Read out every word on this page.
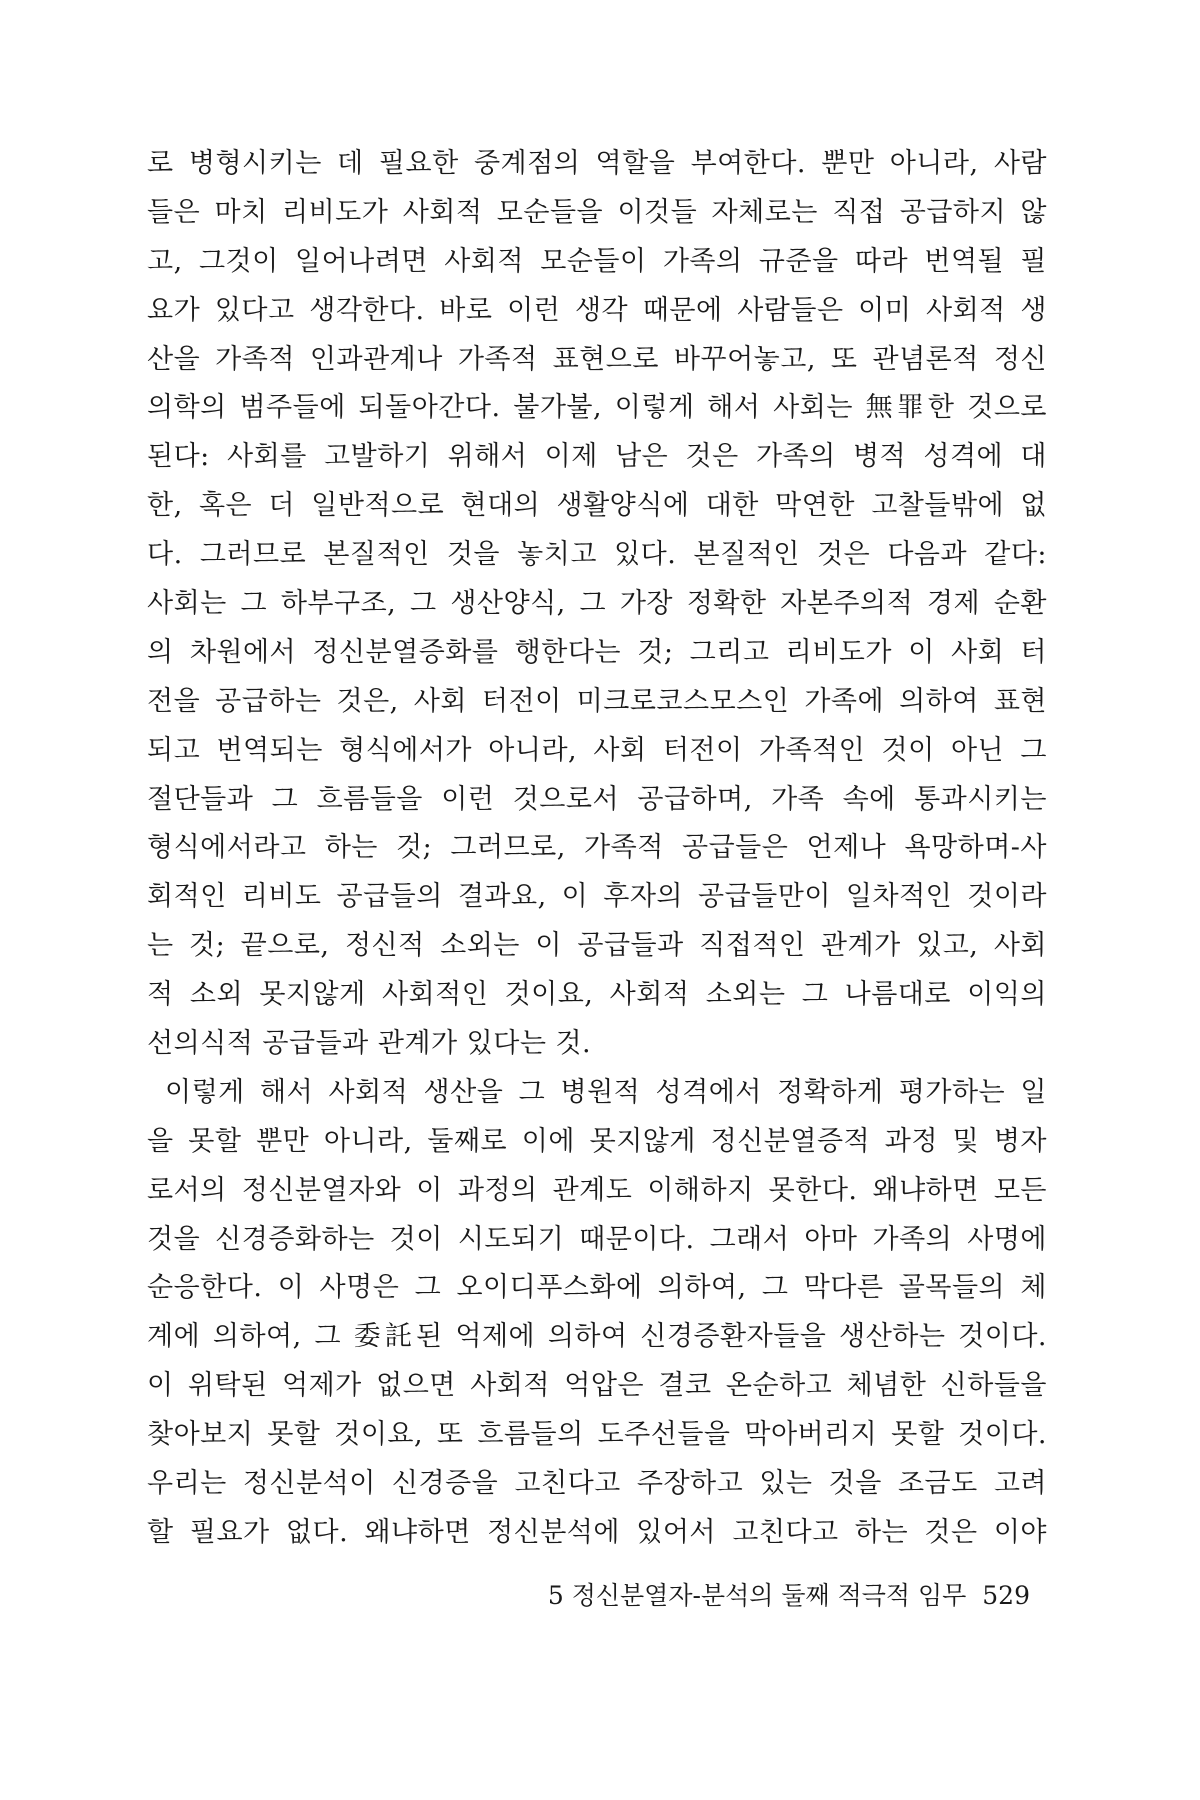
로 병형시키는 데 필요한 중계점의 역할을 부여한다. 뿐만 아니라, 사람
들은 마치 리비도가 사회적 모순들을 이것들 자체로는 직접 공급하지 않
고, 그것이 일어나려면 사회적 모순들이 가족의 규준을 따라 번역될 필
요가 있다고 생각한다. 바로 이런 생각 때문에 사람들은 이미 사회적 생
산을 가족적 인과관계나 가족적 표현으로 바꾸어놓고, 또 관념론적 정신
의학의 범주들에 되돌아간다. 불가불, 이렇게 해서 사회는 無罪한 것으로
된다: 사회를 고발하기 위해서 이제 남은 것은 가족의 병적 성격에 대
한, 혹은 더 일반적으로 현대의 생활양식에 대한 막연한 고찰들밖에 없
다. 그러므로 본질적인 것을 놓치고 있다. 본질적인 것은 다음과 같다:
사회는 그 하부구조, 그 생산양식, 그 가장 정확한 자본주의적 경제 순환
의 차원에서 정신분열증화를 행한다는 것; 그리고 리비도가 이 사회 터
전을 공급하는 것은, 사회 터전이 미크로코스모스인 가족에 의하여 표현
되고 번역되는 형식에서가 아니라, 사회 터전이 가족적인 것이 아닌 그
절단들과 그 흐름들을 이런 것으로서 공급하며, 가족 속에 통과시키는
형식에서라고 하는 것; 그러므로, 가족적 공급들은 언제나 욕망하며-사
회적인 리비도 공급들의 결과요, 이 후자의 공급들만이 일차적인 것이라
는 것; 끝으로, 정신적 소외는 이 공급들과 직접적인 관계가 있고, 사회
적 소외 못지않게 사회적인 것이요, 사회적 소외는 그 나름대로 이익의
선의식적 공급들과 관계가 있다는 것.
이렇게 해서 사회적 생산을 그 병원적 성격에서 정확하게 평가하는 일
을 못할 뿐만 아니라, 둘째로 이에 못지않게 정신분열증적 과정 및 병자
로서의 정신분열자와 이 과정의 관계도 이해하지 못한다. 왜냐하면 모든
것을 신경증화하는 것이 시도되기 때문이다. 그래서 아마 가족의 사명에
순응한다. 이 사명은 그 오이디푸스화에 의하여, 그 막다른 골목들의 체
계에 의하여, 그 委託된 억제에 의하여 신경증환자들을 생산하는 것이다.
이 위탁된 억제가 없으면 사회적 억압은 결코 온순하고 체념한 신하들을
찾아보지 못할 것이요, 또 흐름들의 도주선들을 막아버리지 못할 것이다.
우리는 정신분석이 신경증을 고친다고 주장하고 있는 것을 조금도 고려
할 필요가 없다. 왜냐하면 정신분석에 있어서 고친다고 하는 것은 이야
5 정신분열자-분석의 둘째 적극적 임무 529
